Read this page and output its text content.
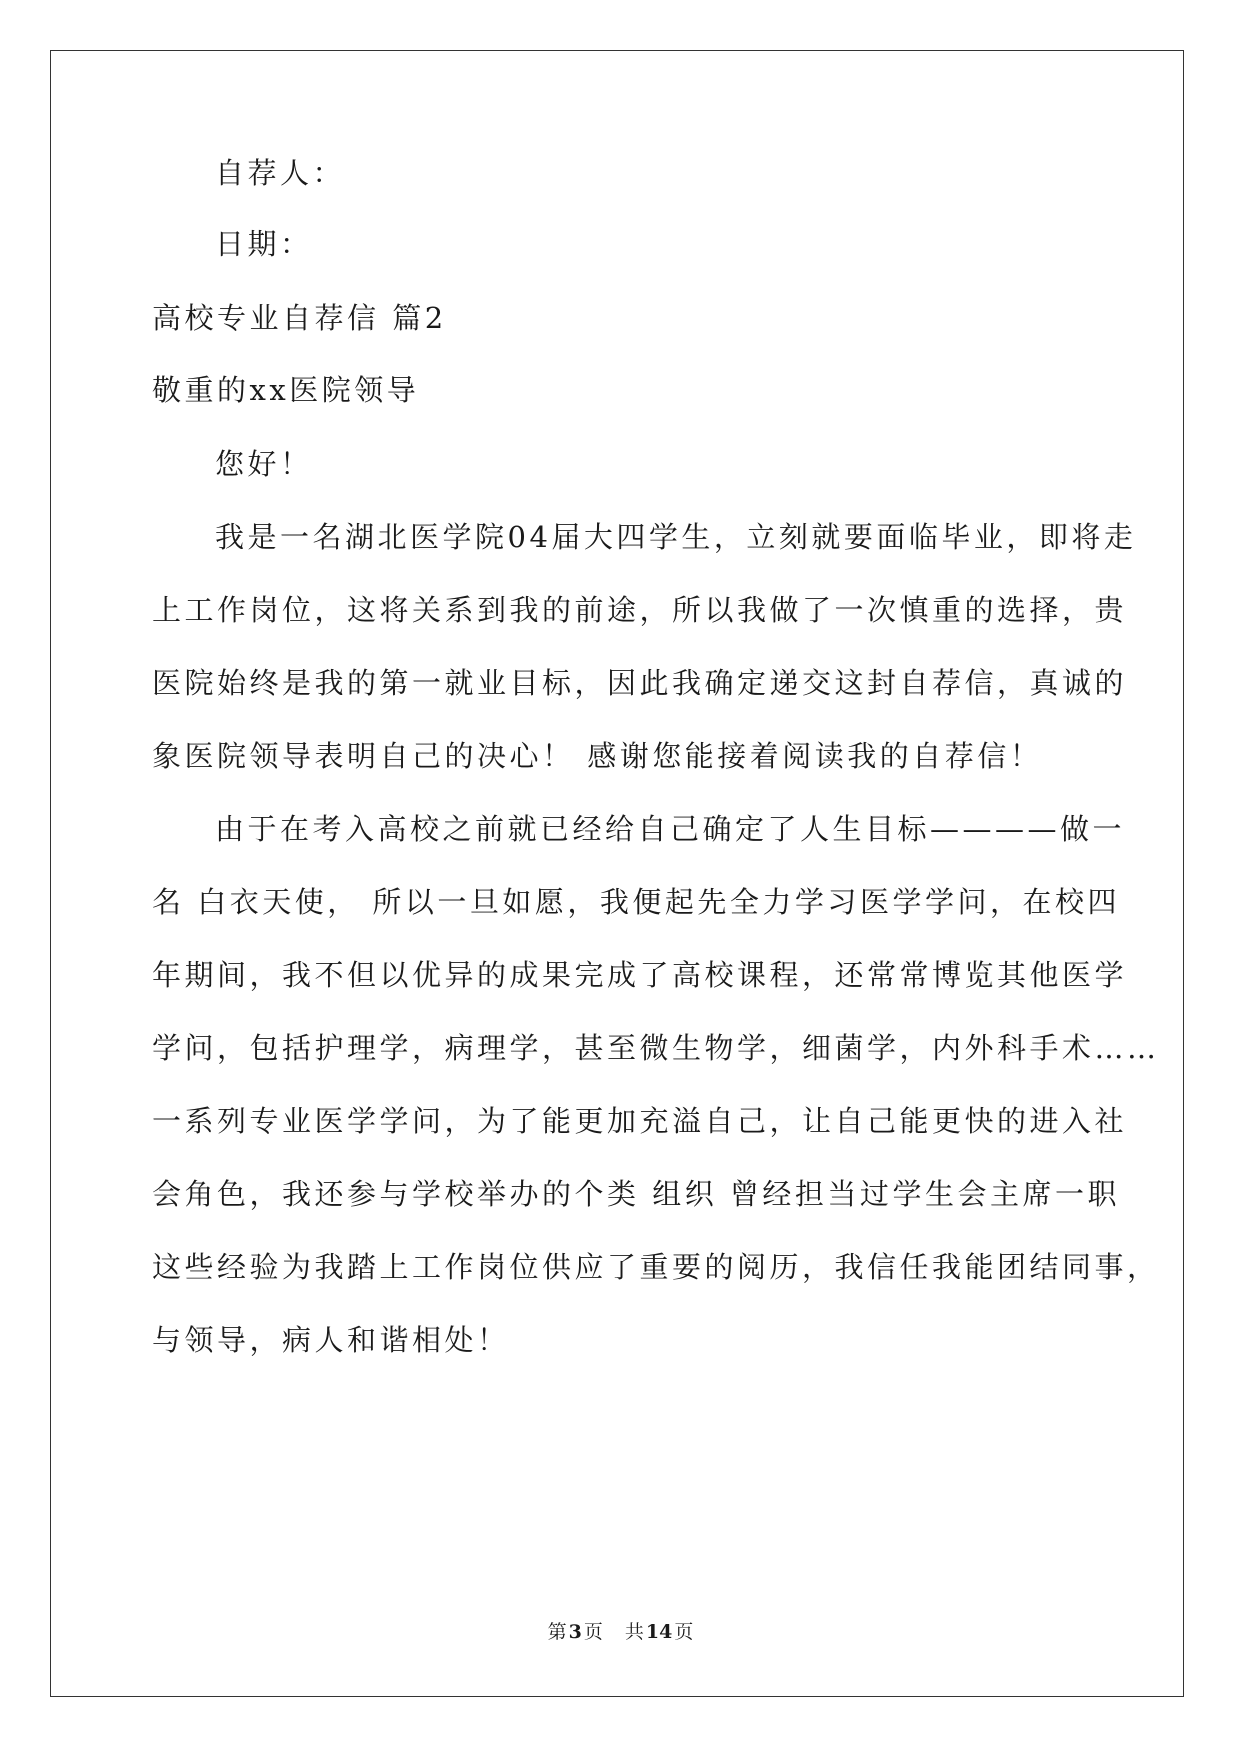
自荐人：
日期：
高校专业自荐信 篇2
敬重的xx医院领导
您好！
我是一名湖北医学院04届大四学生，立刻就要面临毕业，即将走
上工作岗位，这将关系到我的前途，所以我做了一次慎重的选择，贵
医院始终是我的第一就业目标，因此我确定递交这封自荐信，真诚的
象医院领导表明自己的决心！ 感谢您能接着阅读我的自荐信！
由于在考入高校之前就已经给自己确定了人生目标————做一
名 白衣天使， 所以一旦如愿，我便起先全力学习医学学问，在校四
年期间，我不但以优异的成果完成了高校课程，还常常博览其他医学
学问，包括护理学，病理学，甚至微生物学，细菌学，内外科手术……
一系列专业医学学问，为了能更加充溢自己，让自己能更快的进入社
会角色，我还参与学校举办的个类 组织 曾经担当过学生会主席一职
这些经验为我踏上工作岗位供应了重要的阅历，我信任我能团结同事，
与领导，病人和谐相处！
第 3 页 共 14 页
